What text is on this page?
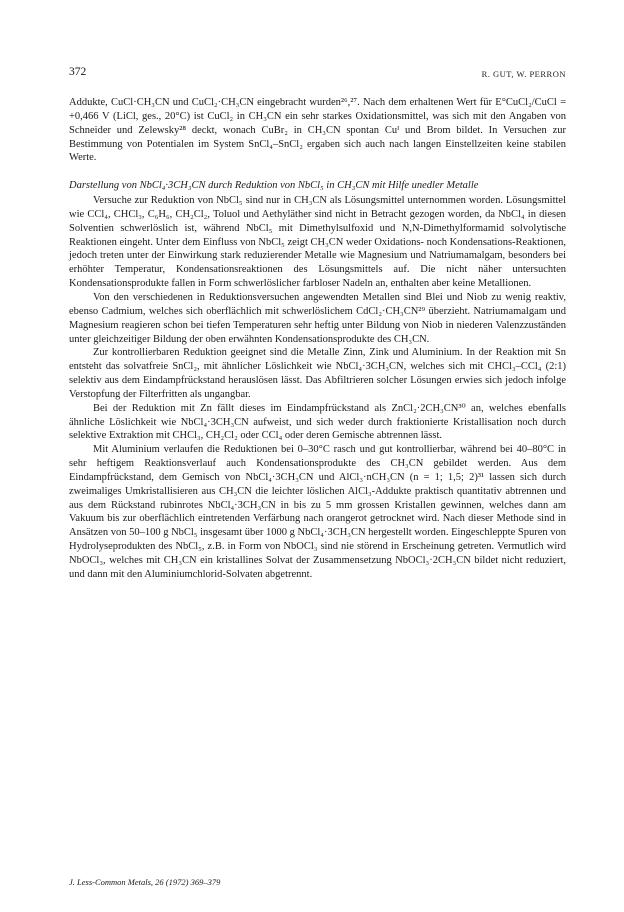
372	R. GUT, W. PERRON

Addukte, CuCl·CH₃CN und CuCl₂·CH₃CN eingebracht wurden²⁶,²⁷. Nach dem erhaltenen Wert für E°CuCl₂/CuCl = +0,466 V (LiCl, ges., 20°C) ist CuCl₂ in CH₃CN ein sehr starkes Oxidationsmittel, was sich mit den Angaben von Schneider und Zelewsky²⁸ deckt, wonach CuBr₂ in CH₃CN spontan Cuᴵ und Brom bildet. In Versuchen zur Bestimmung von Potentialen im System SnCl₄–SnCl₂ ergaben sich auch nach langen Einstellzeiten keine stabilen Werte.

Darstellung von NbCl₄·3CH₃CN durch Reduktion von NbCl₅ in CH₃CN mit Hilfe unedler Metalle

Versuche zur Reduktion von NbCl₅ sind nur in CH₃CN als Lösungsmittel unternommen worden. Lösungsmittel wie CCl₄, CHCl₃, C₆H₆, CH₂Cl₂, Toluol und Aethyläther sind nicht in Betracht gezogen worden, da NbCl₄ in diesen Solventien schwerlöslich ist, während NbCl₅ mit Dimethylsulfoxid und N,N-Dimethylformamid solvolytische Reaktionen eingeht. Unter dem Einfluss von NbCl₅ zeigt CH₃CN weder Oxidations- noch Kondensations-Reaktionen, jedoch treten unter der Einwirkung stark reduzierender Metalle wie Magnesium und Natriumamalgam, besonders bei erhöhter Temperatur, Kondensationsreaktionen des Lösungsmittels auf. Die nicht näher untersuchten Kondensationsprodukte fallen in Form schwerlöslicher farbloser Nadeln an, enthalten aber keine Metallionen.

Von den verschiedenen in Reduktionsversuchen angewendten Metallen sind Blei und Niob zu wenig reaktiv, ebenso Cadmium, welches sich oberflächlich mit schwerlöslichem CdCl₂·CH₃CN²⁹ überzieht. Natriumamalgam und Magnesium reagieren schon bei tiefen Temperaturen sehr heftig unter Bildung von Niob in niederen Valenzzuständen unter gleichzeitiger Bildung der oben erwähnten Kondensationsprodukte des CH₃CN.

Zur kontrollierbaren Reduktion geeignet sind die Metalle Zinn, Zink und Aluminium. In der Reaktion mit Sn entsteht das solvatfreie SnCl₂, mit ähnlicher Löslichkeit wie NbCl₄·3CH₃CN, welches sich mit CHCl₃–CCl₄ (2:1) selektiv aus dem Eindampfrückstand herauslösen lässt. Das Abfiltrieren solcher Lösungen erwies sich jedoch infolge Verstopfung der Filterfritten als ungangbar.

Bei der Reduktion mit Zn fällt dieses im Eindampfrückstand als ZnCl₂·2CH₃CN³⁰ an, welches ebenfalls ähnliche Löslichkeit wie NbCl₄·3CH₃CN aufweist, und sich weder durch fraktionierte Kristallisation noch durch selektive Extraktion mit CHCl₃, CH₂Cl₂ oder CCl₄ oder deren Gemische abtrennen lässt.

Mit Aluminium verlaufen die Reduktionen bei 0–30°C rasch und gut kontrollierbar, während bei 40–80°C in sehr heftigem Reaktionsverlauf auch Kondensationsprodukte des CH₃CN gebildet werden. Aus dem Eindampfrückstand, dem Gemisch von NbCl₄·3CH₃CN und AlCl₃·nCH₃CN (n = 1; 1,5; 2)³¹ lassen sich durch zweimaliges Umkristallisieren aus CH₃CN die leichter löslichen AlCl₃-Addukte praktisch quantitativ abtrennen und aus dem Rückstand rubinrotes NbCl₄·3CH₃CN in bis zu 5 mm grossen Kristallen gewinnen, welches dann am Vakuum bis zur oberflächlich eintretenden Verfärbung nach orangerot getrocknet wird. Nach dieser Methode sind in Ansätzen von 50–100 g NbCl₅ insgesamt über 1000 g NbCl₄·3CH₃CN hergestellt worden. Eingeschleppte Spuren von Hydrolyseprodukten des NbCl₅, z.B. in Form von NbOCl₃ sind nie störend in Erscheinung getreten. Vermutlich wird NbOCl₃, welches mit CH₃CN ein kristallines Solvat der Zusammensetzung NbOCl₃·2CH₃CN bildet nicht reduziert, und dann mit den Aluminiumchlorid-Solvaten abgetrennt.

J. Less-Common Metals, 26 (1972) 369–379
